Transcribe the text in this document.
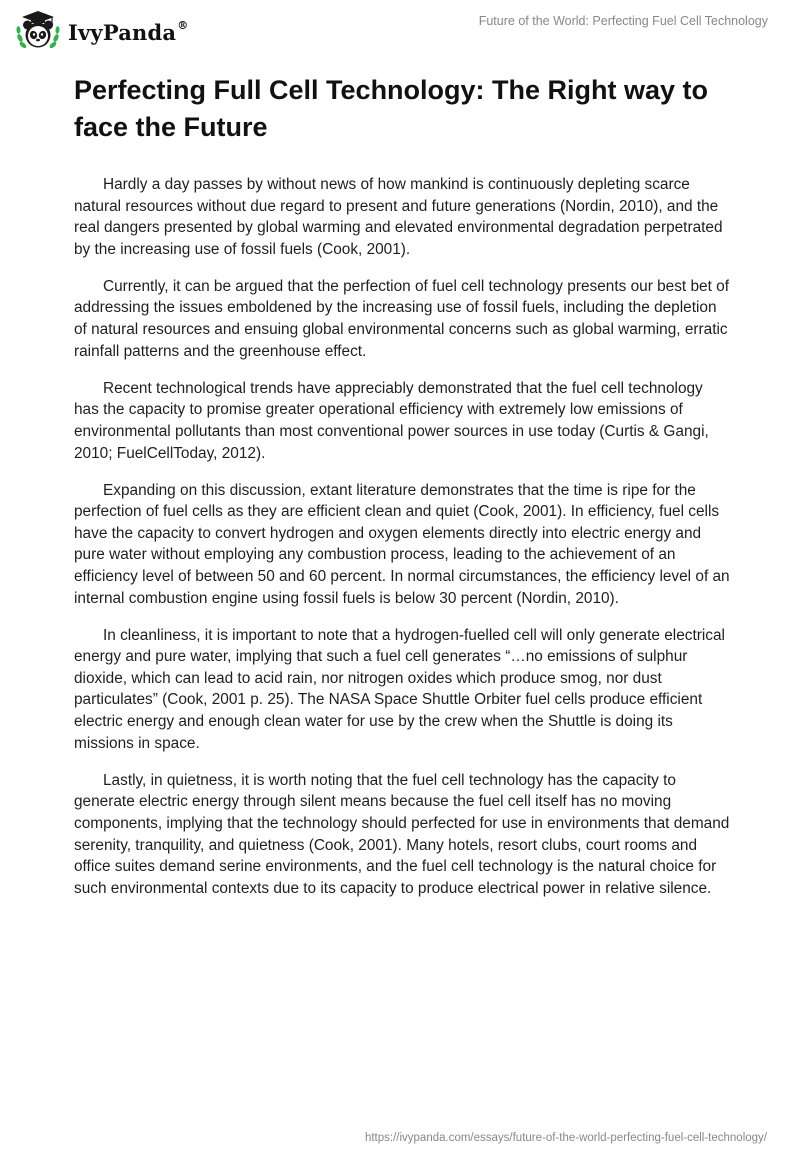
IvyPanda®	Future of the World: Perfecting Fuel Cell Technology
Perfecting Full Cell Technology: The Right way to face the Future

Hardly a day passes by without news of how mankind is continuously depleting scarce natural resources without due regard to present and future generations (Nordin, 2010), and the real dangers presented by global warming and elevated environmental degradation perpetrated by the increasing use of fossil fuels (Cook, 2001).

Currently, it can be argued that the perfection of fuel cell technology presents our best bet of addressing the issues emboldened by the increasing use of fossil fuels, including the depletion of natural resources and ensuing global environmental concerns such as global warming, erratic rainfall patterns and the greenhouse effect.

Recent technological trends have appreciably demonstrated that the fuel cell technology has the capacity to promise greater operational efficiency with extremely low emissions of environmental pollutants than most conventional power sources in use today (Curtis & Gangi, 2010; FuelCellToday, 2012).

Expanding on this discussion, extant literature demonstrates that the time is ripe for the perfection of fuel cells as they are efficient clean and quiet (Cook, 2001). In efficiency, fuel cells have the capacity to convert hydrogen and oxygen elements directly into electric energy and pure water without employing any combustion process, leading to the achievement of an efficiency level of between 50 and 60 percent. In normal circumstances, the efficiency level of an internal combustion engine using fossil fuels is below 30 percent (Nordin, 2010).

In cleanliness, it is important to note that a hydrogen-fuelled cell will only generate electrical energy and pure water, implying that such a fuel cell generates “…no emissions of sulphur dioxide, which can lead to acid rain, nor nitrogen oxides which produce smog, nor dust particulates” (Cook, 2001 p. 25). The NASA Space Shuttle Orbiter fuel cells produce efficient electric energy and enough clean water for use by the crew when the Shuttle is doing its missions in space.

Lastly, in quietness, it is worth noting that the fuel cell technology has the capacity to generate electric energy through silent means because the fuel cell itself has no moving components, implying that the technology should perfected for use in environments that demand serenity, tranquility, and quietness (Cook, 2001). Many hotels, resort clubs, court rooms and office suites demand serine environments, and the fuel cell technology is the natural choice for such environmental contexts due to its capacity to produce electrical power in relative silence.

https://ivypanda.com/essays/future-of-the-world-perfecting-fuel-cell-technology/
